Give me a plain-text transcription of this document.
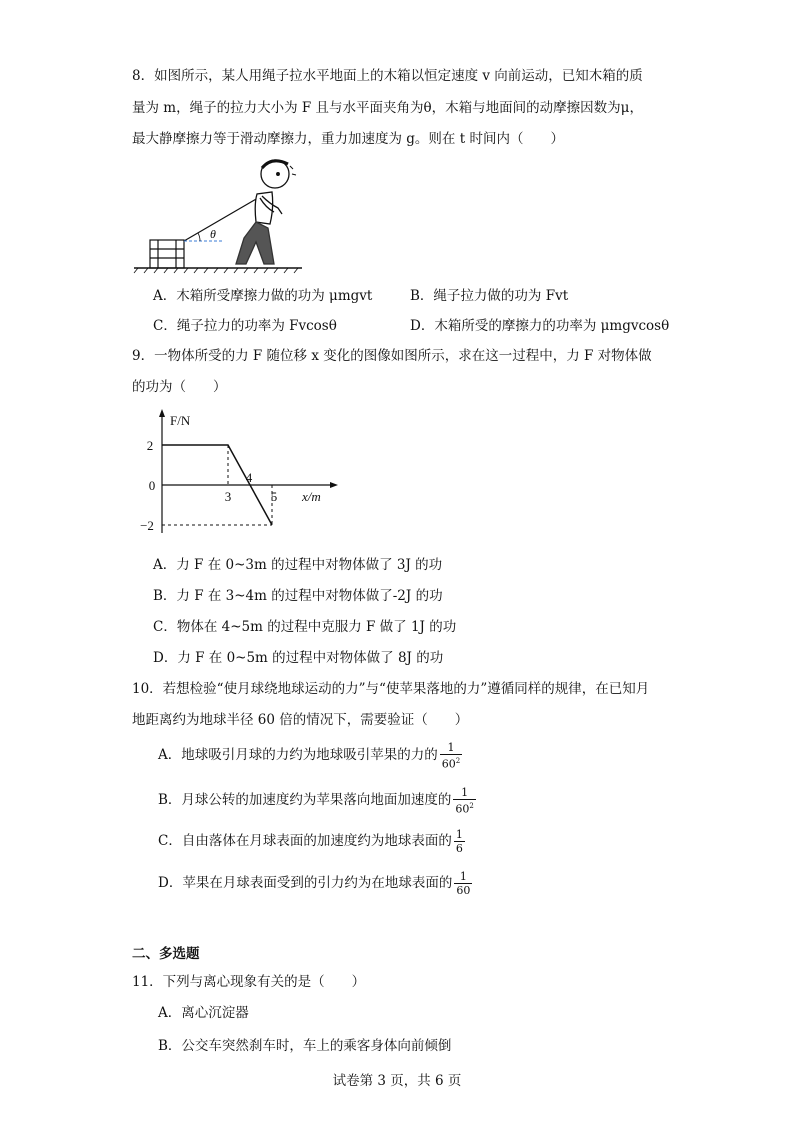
8．如图所示，某人用绳子拉水平地面上的木箱以恒定速度 v 向前运动，已知木箱的质
量为 m，绳子的拉力大小为 F 且与水平面夹角为θ，木箱与地面间的动摩擦因数为μ，
最大静摩擦力等于滑动摩擦力，重力加速度为 g。则在 t 时间内（　　）
θ
A．木箱所受摩擦力做的功为 μmgvt	B．绳子拉力做的功为 Fvt
C．绳子拉力的功率为 Fvcosθ	D．木箱所受的摩擦力的功率为 μmgvcosθ
9．一物体所受的力 F 随位移 x 变化的图像如图所示，求在这一过程中，力 F 对物体做
的功为（　　）
F/N
x/m
2
0
−2
3
4
5
A．力 F 在 0~3m 的过程中对物体做了 3J 的功
B．力 F 在 3~4m 的过程中对物体做了-2J 的功
C．物体在 4~5m 的过程中克服力 F 做了 1J 的功
D．力 F 在 0~5m 的过程中对物体做了 8J 的功
10．若想检验“使月球绕地球运动的力”与“使苹果落地的力”遵循同样的规律，在已知月
地距离约为地球半径 60 倍的情况下，需要验证（　　）
A．地球吸引月球的力约为地球吸引苹果的力的 $\frac{1}{60^2}$
B．月球公转的加速度约为苹果落向地面加速度的 $\frac{1}{60^2}$
C．自由落体在月球表面的加速度约为地球表面的 $\frac{1}{6}$
D．苹果在月球表面受到的引力约为在地球表面的 $\frac{1}{60}$
二、多选题
11．下列与离心现象有关的是（　　）
A．离心沉淀器
B．公交车突然刹车时，车上的乘客身体向前倾倒
试卷第 3 页，共 6 页
